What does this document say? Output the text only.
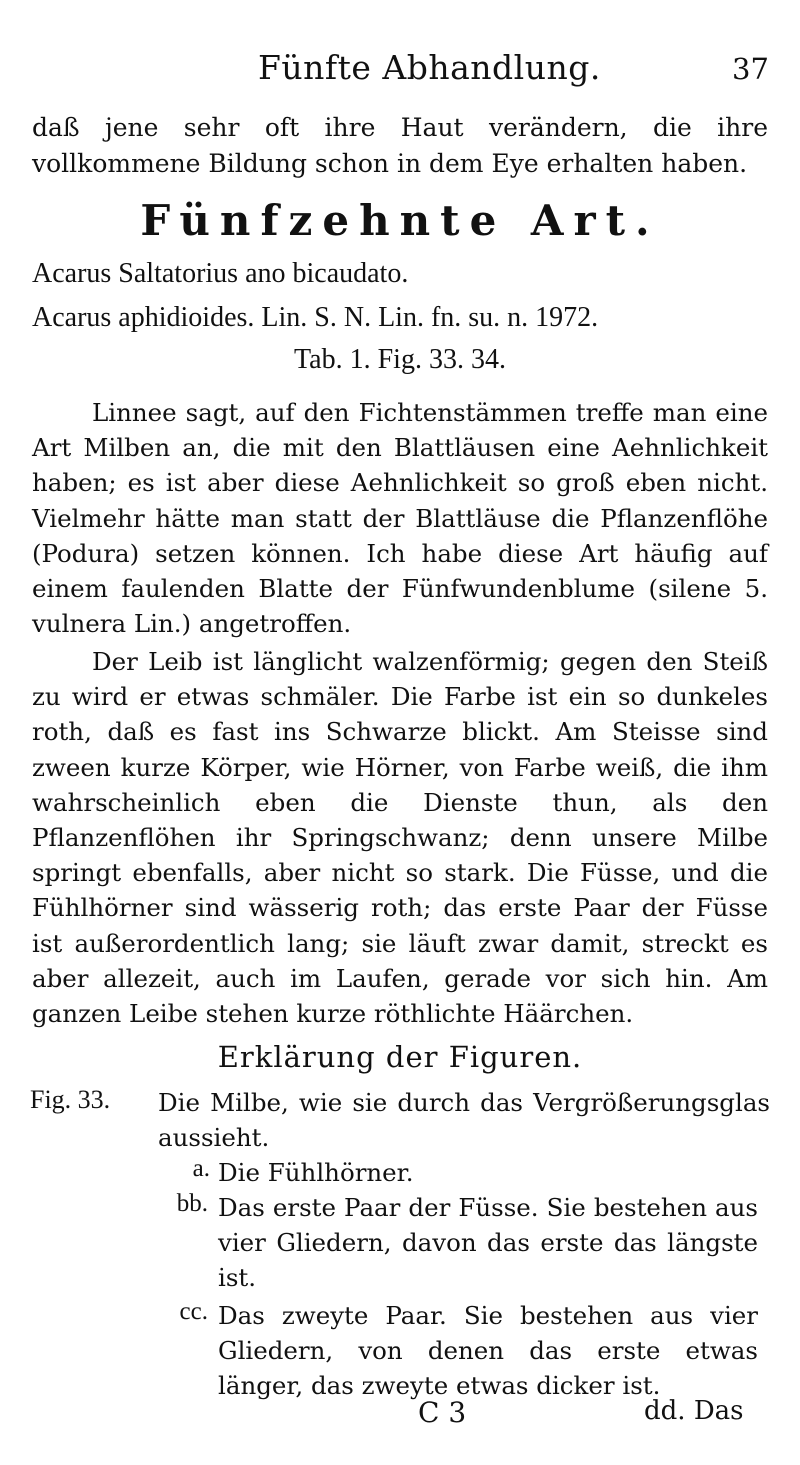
Fünfte Abhandlung.	37
daß jene sehr oft ihre Haut verändern, die ihre vollkommene Bildung schon in dem Eye erhalten haben.
Fünfzehnte Art.
Acarus Saltatorius ano bicaudato.
Acarus aphidioides. Lin. S. N. Lin. fn. su. n. 1972.
Tab. 1. Fig. 33. 34.
Linnee sagt, auf den Fichtenstämmen treffe man eine Art Milben an, die mit den Blattläusen eine Aehnlichkeit haben; es ist aber diese Aehnlichkeit so groß eben nicht. Vielmehr hätte man statt der Blattläuse die Pflanzenflöhe (Podura) setzen können. Ich habe diese Art häufig auf einem faulenden Blatte der Fünfwundenblume (silene 5. vulnera Lin.) angetroffen.
Der Leib ist länglicht walzenförmig; gegen den Steiß zu wird er etwas schmäler. Die Farbe ist ein so dunkeles roth, daß es fast ins Schwarze blickt. Am Steisse sind zween kurze Körper, wie Hörner, von Farbe weiß, die ihm wahrscheinlich eben die Dienste thun, als den Pflanzenflöhen ihr Springschwanz; denn unsere Milbe springt ebenfalls, aber nicht so stark. Die Füsse, und die Fühlhörner sind wässerig roth; das erste Paar der Füsse ist außerordentlich lang; sie läuft zwar damit, streckt es aber allezeit, auch im Laufen, gerade vor sich hin. Am ganzen Leibe stehen kurze röthlichte Häärchen.
Erklärung der Figuren.
Fig. 33. Die Milbe, wie sie durch das Vergrößerungsglas aussieht.
a. Die Fühlhörner.
bb. Das erste Paar der Füsse. Sie bestehen aus vier Gliedern, davon das erste das längste ist.
cc. Das zweyte Paar. Sie bestehen aus vier Gliedern, von denen das erste etwas länger, das zweyte etwas dicker ist.
C 3	dd. Das
